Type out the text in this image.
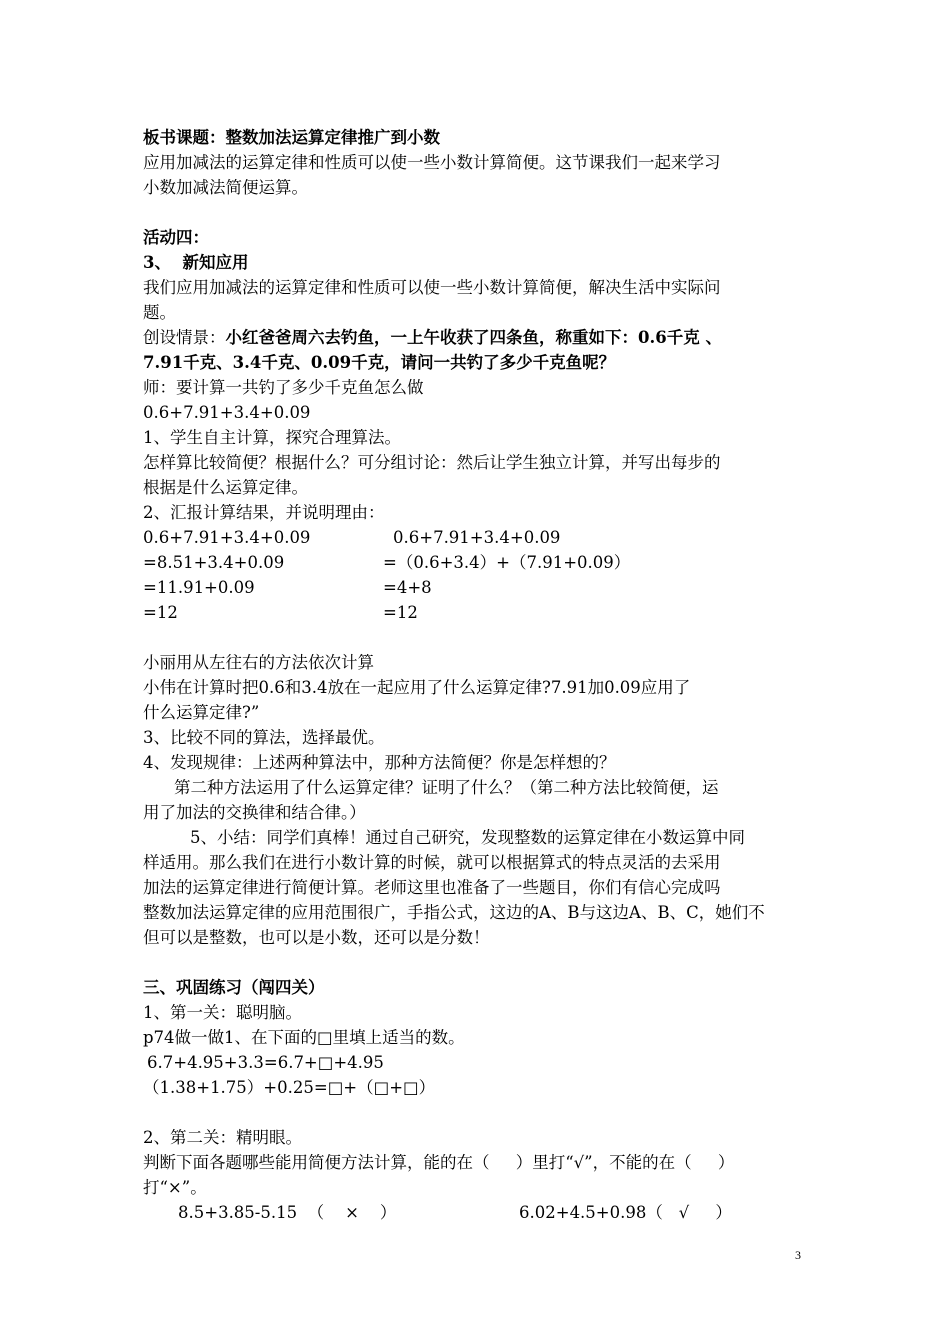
板书课题：整数加法运算定律推广到小数
应用加减法的运算定律和性质可以使一些小数计算简便。这节课我们一起来学习
小数加减法简便运算。
活动四：
3、  新知应用
我们应用加减法的运算定律和性质可以使一些小数计算简便，解决生活中实际问
题。
创设情景：小红爸爸周六去钓鱼，一上午收获了四条鱼，称重如下：0.6千克 、
7.91千克、3.4千克、0.09千克，请问一共钓了多少千克鱼呢？
师：要计算一共钓了多少千克鱼怎么做
0.6+7.91+3.4+0.09
1、学生自主计算，探究合理算法。
怎样算比较简便？根据什么？可分组讨论：然后让学生独立计算，并写出每步的
根据是什么运算定律。
2、汇报计算结果，并说明理由：
0.6+7.91+3.4+0.09	0.6+7.91+3.4+0.09
=8.51+3.4+0.09	=（0.6+3.4）+（7.91+0.09）
=11.91+0.09	=4+8
=12	=12
小丽用从左往右的方法依次计算
小伟在计算时把0.6和3.4放在一起应用了什么运算定律?7.91加0.09应用了
什么运算定律?”
3、比较不同的算法，选择最优。
4、发现规律：上述两种算法中，那种方法简便？你是怎样想的？
第二种方法运用了什么运算定律？证明了什么？（第二种方法比较简便，运
用了加法的交换律和结合律。）
5、小结：同学们真棒！通过自己研究，发现整数的运算定律在小数运算中同
样适用。那么我们在进行小数计算的时候，就可以根据算式的特点灵活的去采用
加法的运算定律进行简便计算。老师这里也准备了一些题目，你们有信心完成吗
整数加法运算定律的应用范围很广，手指公式，这边的A、B与这边A、B、C，她们不
但可以是整数，也可以是小数，还可以是分数！
三、巩固练习（闯四关）
1、第一关：聪明脑。
p74做一做1、在下面的□里填上适当的数。
6.7+4.95+3.3=6.7+□+4.95
（1.38+1.75）+0.25=□+（□+□）
2、第二关：精明眼。
判断下面各题哪些能用简便方法计算，能的在（     ）里打“√”，不能的在（     ）
打“×”。
8.5+3.85-5.15  （    ×    ）	6.02+4.5+0.98（   √     ）
3
